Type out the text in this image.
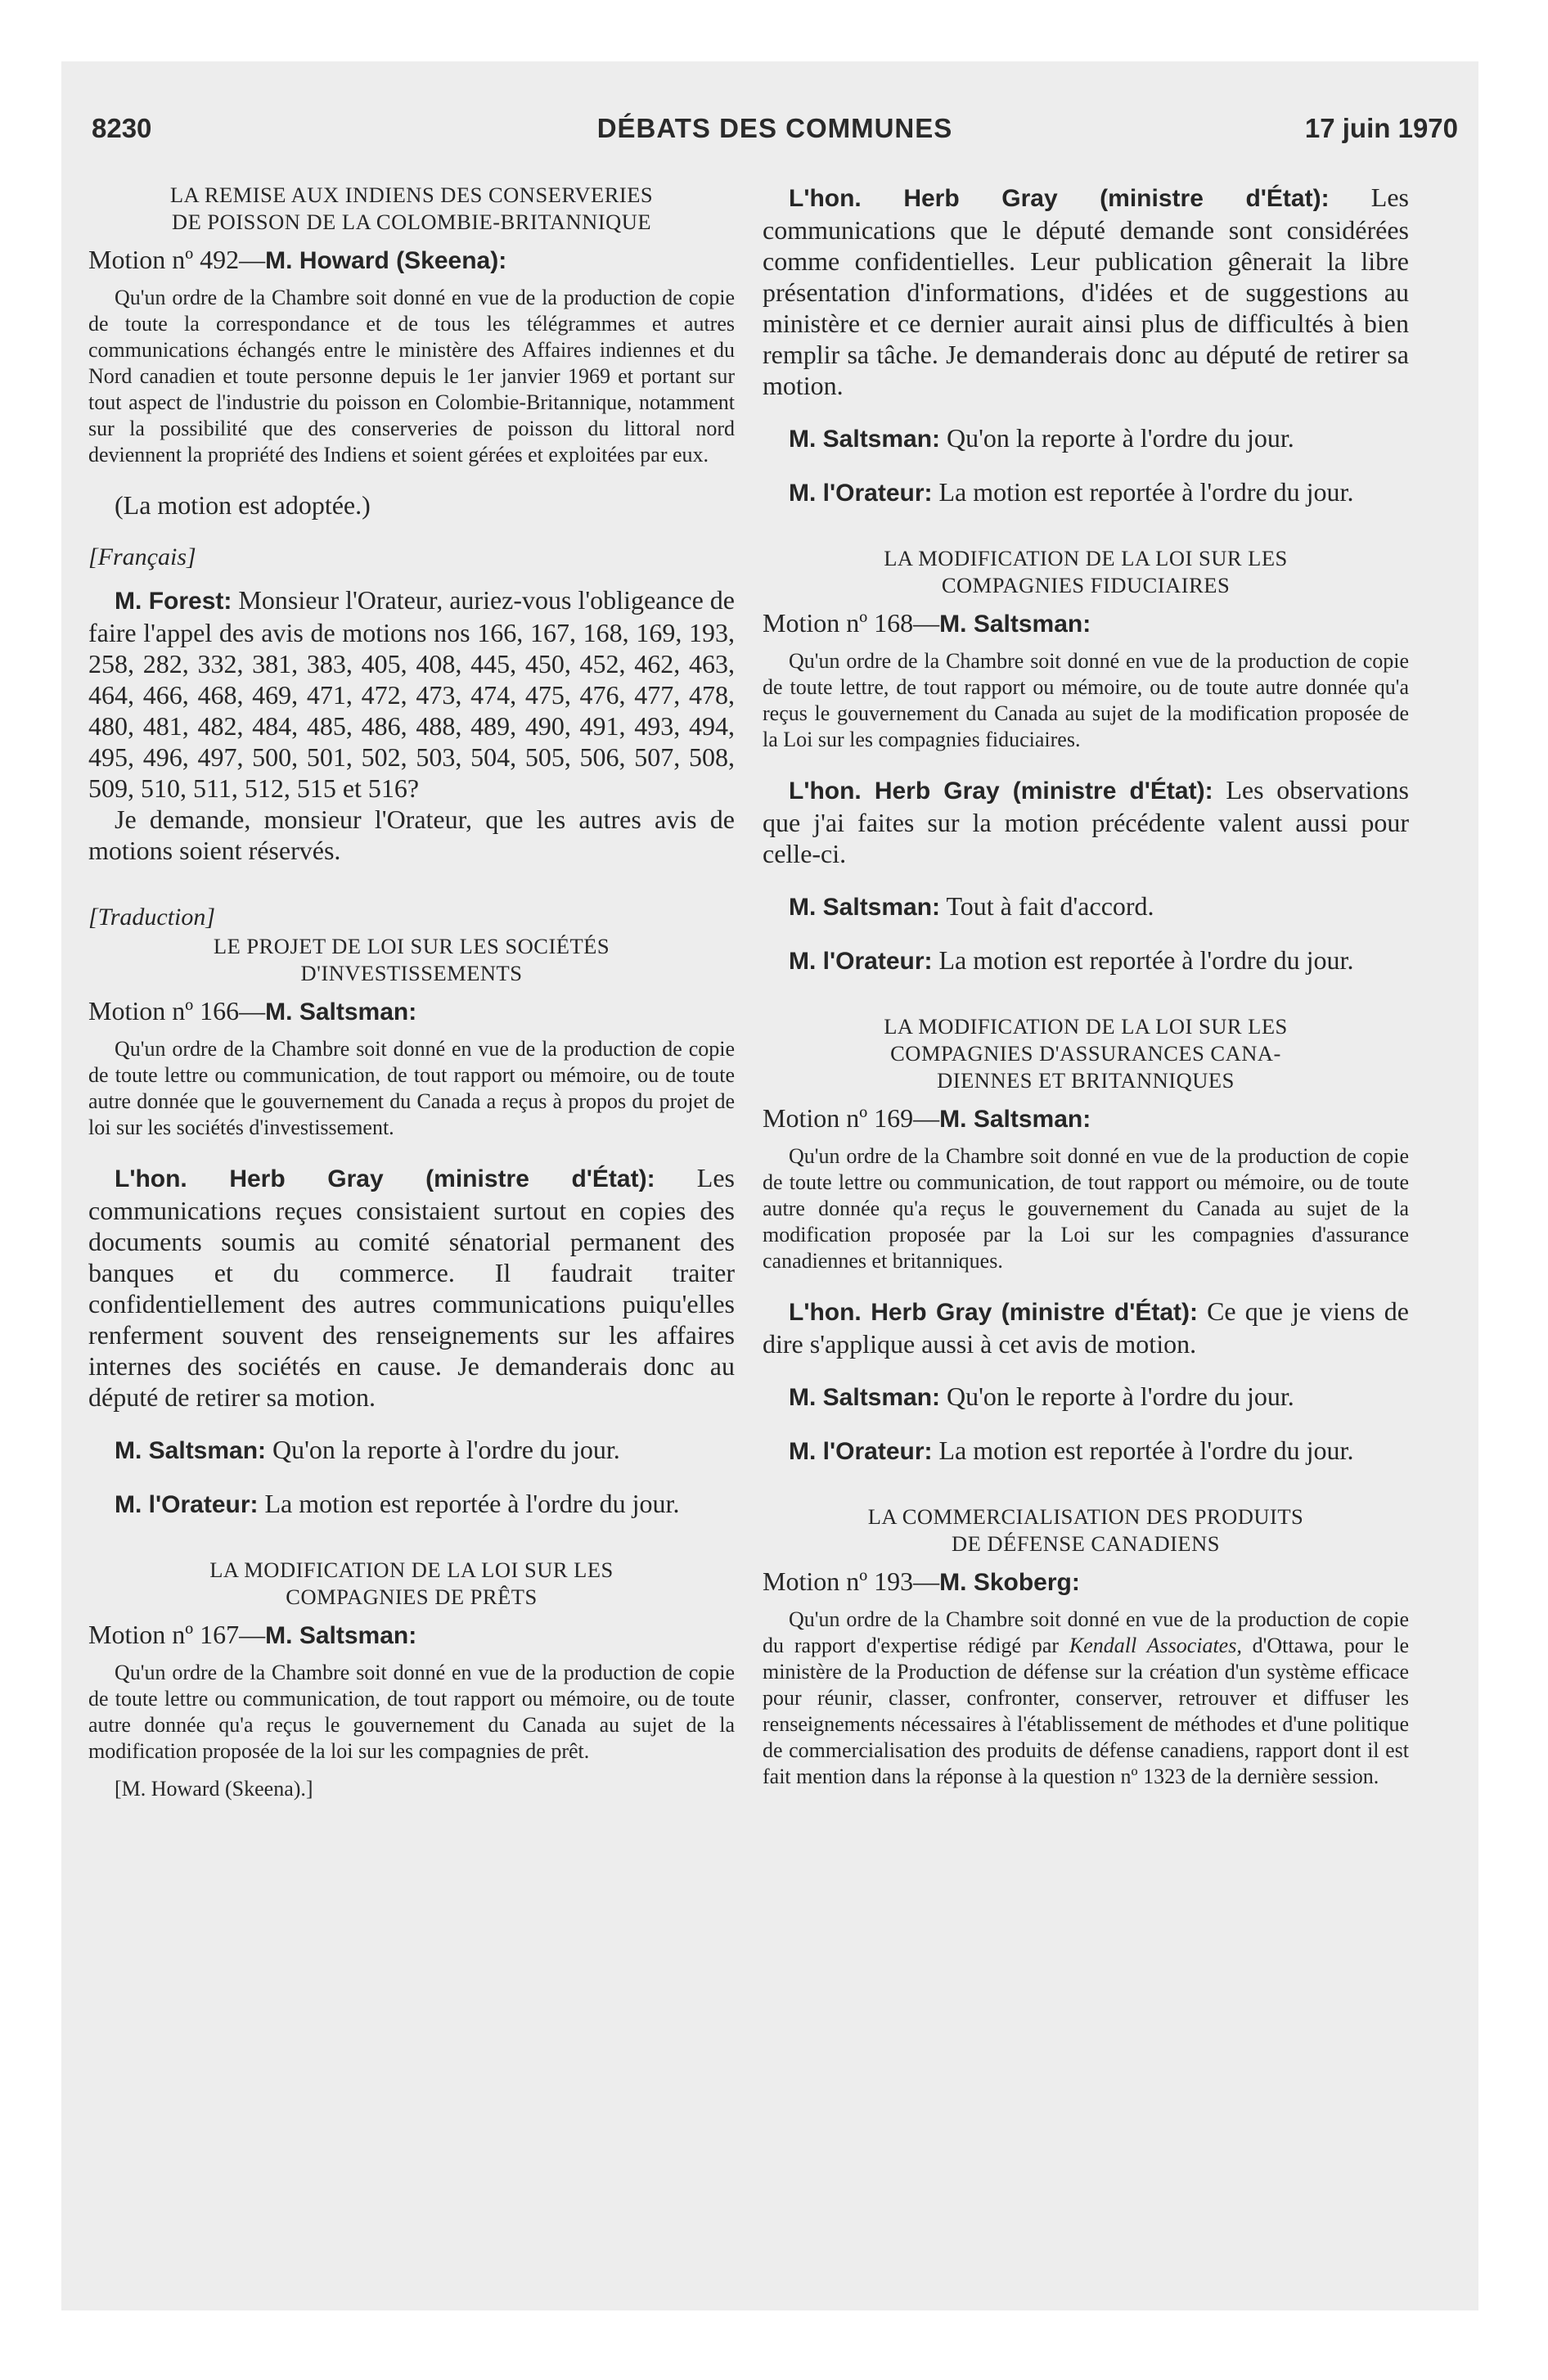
8230	DÉBATS DES COMMUNES	17 juin 1970
LA REMISE AUX INDIENS DES CONSERVERIES
DE POISSON DE LA COLOMBIE-BRITANNIQUE
Motion nº 492—M. Howard (Skeena):

Qu'un ordre de la Chambre soit donné en vue de la production de copie de toute la correspondance et de tous les télégrammes et autres communications échangés entre le ministère des Affaires indiennes et du Nord canadien et toute personne depuis le 1er janvier 1969 et portant sur tout aspect de l'industrie du poisson en Colombie-Britannique, notamment sur la possibilité que des conserveries de poisson du littoral nord deviennent la propriété des Indiens et soient gérées et exploitées par eux.

(La motion est adoptée.)

[Français]

M. Forest: Monsieur l'Orateur, auriez-vous l'obligeance de faire l'appel des avis de motions nos 166, 167, 168, 169, 193, 258, 282, 332, 381, 383, 405, 408, 445, 450, 452, 462, 463, 464, 466, 468, 469, 471, 472, 473, 474, 475, 476, 477, 478, 480, 481, 482, 484, 485, 486, 488, 489, 490, 491, 493, 494, 495, 496, 497, 500, 501, 502, 503, 504, 505, 506, 507, 508, 509, 510, 511, 512, 515 et 516?

Je demande, monsieur l'Orateur, que les autres avis de motions soient réservés.

[Traduction]

LE PROJET DE LOI SUR LES SOCIÉTÉS
D'INVESTISSEMENTS
Motion nº 166—M. Saltsman:

Qu'un ordre de la Chambre soit donné en vue de la production de copie de toute lettre ou communication, de tout rapport ou mémoire, ou de toute autre donnée que le gouvernement du Canada a reçus à propos du projet de loi sur les sociétés d'investissement.

L'hon. Herb Gray (ministre d'État): Les communications reçues consistaient surtout en copies des documents soumis au comité sénatorial permanent des banques et du commerce. Il faudrait traiter confidentiellement des autres communications puiqu'elles renferment souvent des renseignements sur les affaires internes des sociétés en cause. Je demanderais donc au député de retirer sa motion.

M. Saltsman: Qu'on la reporte à l'ordre du jour.

M. l'Orateur: La motion est reportée à l'ordre du jour.

LA MODIFICATION DE LA LOI SUR LES
COMPAGNIES DE PRÊTS
Motion nº 167—M. Saltsman:

Qu'un ordre de la Chambre soit donné en vue de la production de copie de toute lettre ou communication, de tout rapport ou mémoire, ou de toute autre donnée qu'a reçus le gouvernement du Canada au sujet de la modification proposée de la loi sur les compagnies de prêt.

[M. Howard (Skeena).]

L'hon. Herb Gray (ministre d'État): Les communications que le député demande sont considérées comme confidentielles. Leur publication gênerait la libre présentation d'informations, d'idées et de suggestions au ministère et ce dernier aurait ainsi plus de difficultés à bien remplir sa tâche. Je demanderais donc au député de retirer sa motion.

M. Saltsman: Qu'on la reporte à l'ordre du jour.

M. l'Orateur: La motion est reportée à l'ordre du jour.

LA MODIFICATION DE LA LOI SUR LES
COMPAGNIES FIDUCIAIRES
Motion nº 168—M. Saltsman:

Qu'un ordre de la Chambre soit donné en vue de la production de copie de toute lettre, de tout rapport ou mémoire, ou de toute autre donnée qu'a reçus le gouvernement du Canada au sujet de la modification proposée de la Loi sur les compagnies fiduciaires.

L'hon. Herb Gray (ministre d'État): Les observations que j'ai faites sur la motion précédente valent aussi pour celle-ci.

M. Saltsman: Tout à fait d'accord.

M. l'Orateur: La motion est reportée à l'ordre du jour.

LA MODIFICATION DE LA LOI SUR LES
COMPAGNIES D'ASSURANCES CANA-
DIENNES ET BRITANNIQUES
Motion nº 169—M. Saltsman:

Qu'un ordre de la Chambre soit donné en vue de la production de copie de toute lettre ou communication, de tout rapport ou mémoire, ou de toute autre donnée qu'a reçus le gouvernement du Canada au sujet de la modification proposée par la Loi sur les compagnies d'assurance canadiennes et britanniques.

L'hon. Herb Gray (ministre d'État): Ce que je viens de dire s'applique aussi à cet avis de motion.

M. Saltsman: Qu'on le reporte à l'ordre du jour.

M. l'Orateur: La motion est reportée à l'ordre du jour.

LA COMMERCIALISATION DES PRODUITS
DE DÉFENSE CANADIENS
Motion nº 193—M. Skoberg:

Qu'un ordre de la Chambre soit donné en vue de la production de copie du rapport d'expertise rédigé par Kendall Associates, d'Ottawa, pour le ministère de la Production de défense sur la création d'un système efficace pour réunir, classer, confronter, conserver, retrouver et diffuser les renseignements nécessaires à l'établissement de méthodes et d'une politique de commercialisation des produits de défense canadiens, rapport dont il est fait mention dans la réponse à la question nº 1323 de la dernière session.
